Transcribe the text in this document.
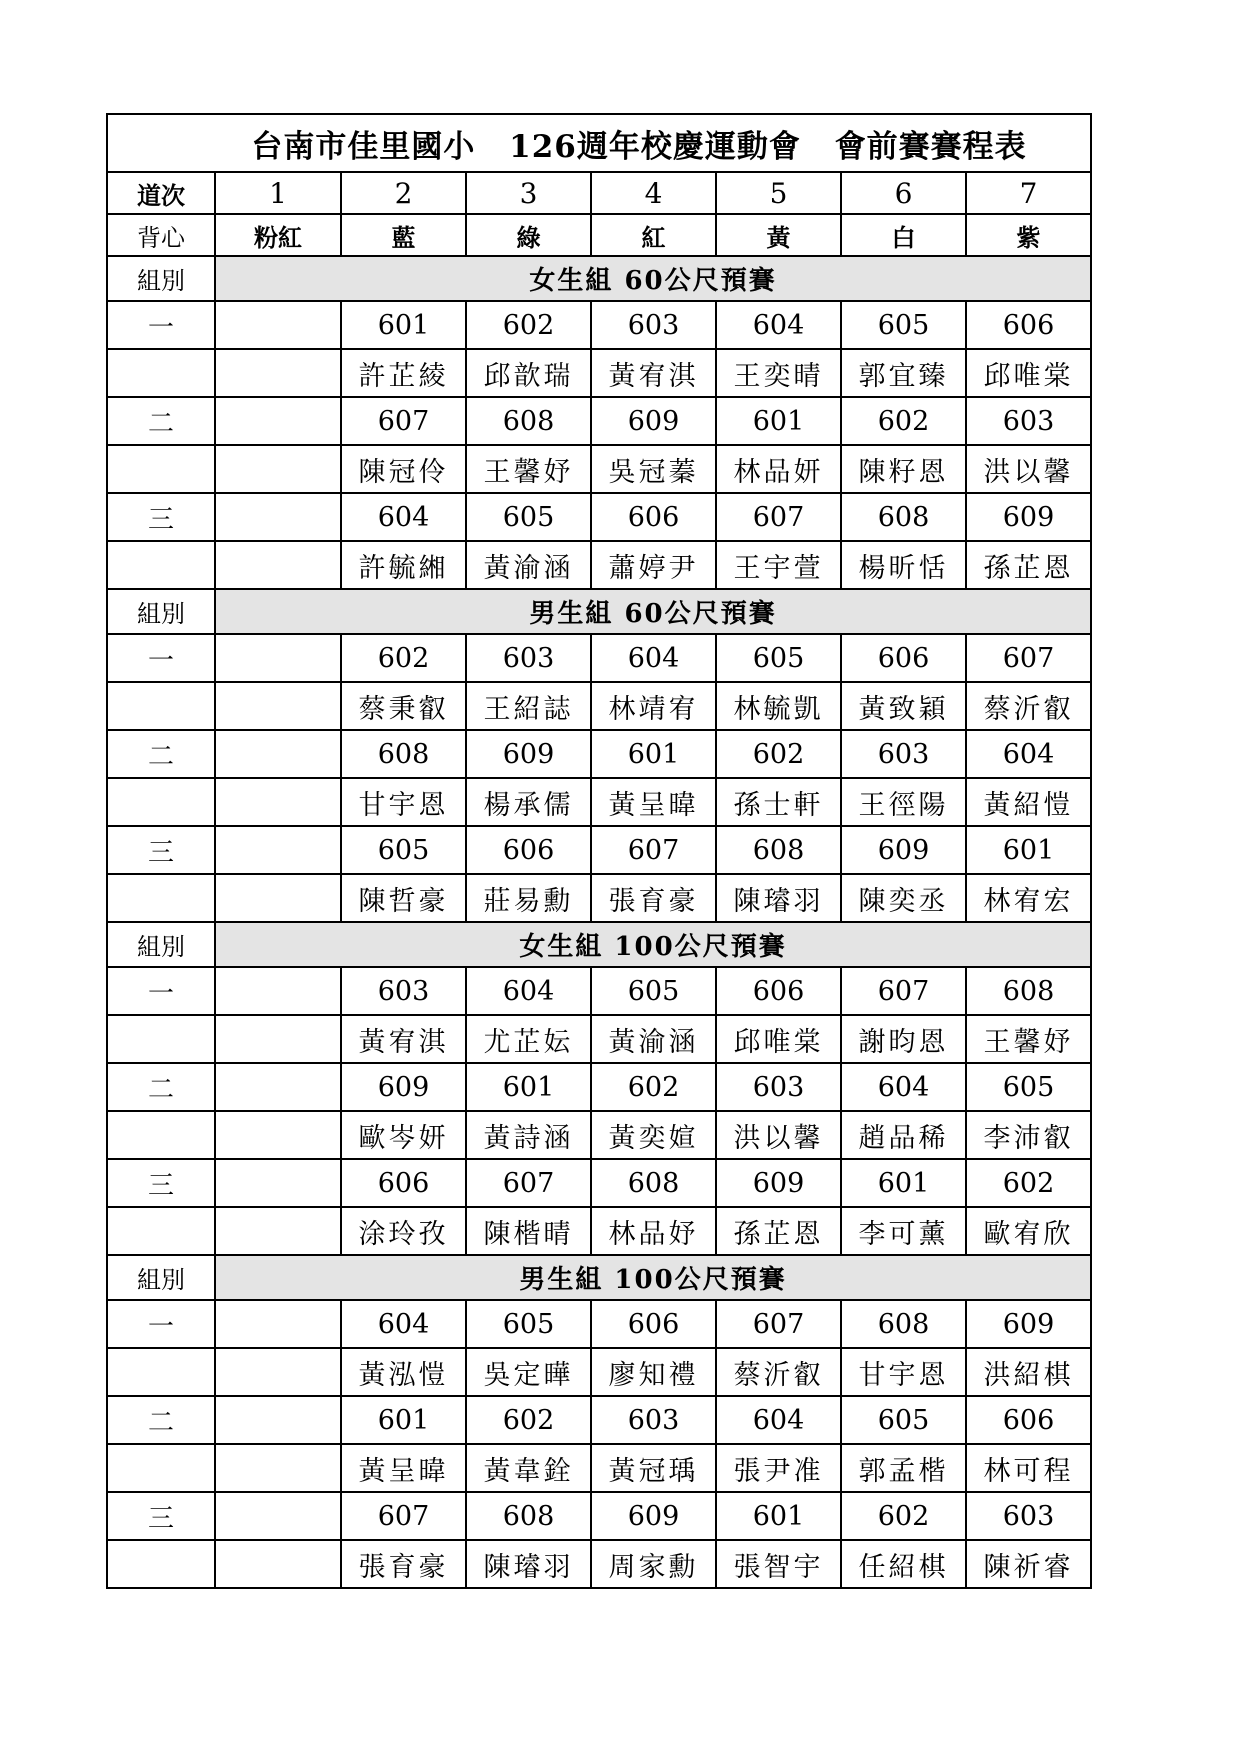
台南市佳里國小 126週年校慶運動會 會前賽賽程表							
道次	1	2	3	4	5	6	7
背心	粉紅	藍	綠	紅	黃	白	紫
組別	女生組 60公尺預賽						
一		601	602	603	604	605	606
		許芷綾	邱歆瑞	黃宥淇	王奕晴	郭宜臻	邱唯棠
二		607	608	609	601	602	603
		陳冠伶	王馨妤	吳冠蓁	林品妍	陳籽恩	洪以馨
三		604	605	606	607	608	609
		許毓緗	黃渝涵	蕭婷尹	王宇萱	楊昕恬	孫芷恩
組別	男生組 60公尺預賽						
一		602	603	604	605	606	607
		蔡秉叡	王紹誌	林靖宥	林毓凱	黃致穎	蔡沂叡
二		608	609	601	602	603	604
		甘宇恩	楊承儒	黃呈暐	孫士軒	王徑陽	黃紹愷
三		605	606	607	608	609	601
		陳哲豪	莊易勳	張育豪	陳璿羽	陳奕丞	林宥宏
組別	女生組 100公尺預賽						
一		603	604	605	606	607	608
		黃宥淇	尤芷妘	黃渝涵	邱唯棠	謝昀恩	王馨妤
二		609	601	602	603	604	605
		歐岑妍	黃詩涵	黃奕媗	洪以馨	趙品稀	李沛叡
三		606	607	608	609	601	602
		涂玲孜	陳楷晴	林品妤	孫芷恩	李可薰	歐宥欣
組別	男生組 100公尺預賽						
一		604	605	606	607	608	609
		黃泓愷	吳定曄	廖知禮	蔡沂叡	甘宇恩	洪紹棋
二		601	602	603	604	605	606
		黃呈暐	黃韋銓	黃冠瑀	張尹准	郭孟楷	林可程
三		607	608	609	601	602	603
		張育豪	陳璿羽	周家勳	張智宇	任紹棋	陳祈睿
